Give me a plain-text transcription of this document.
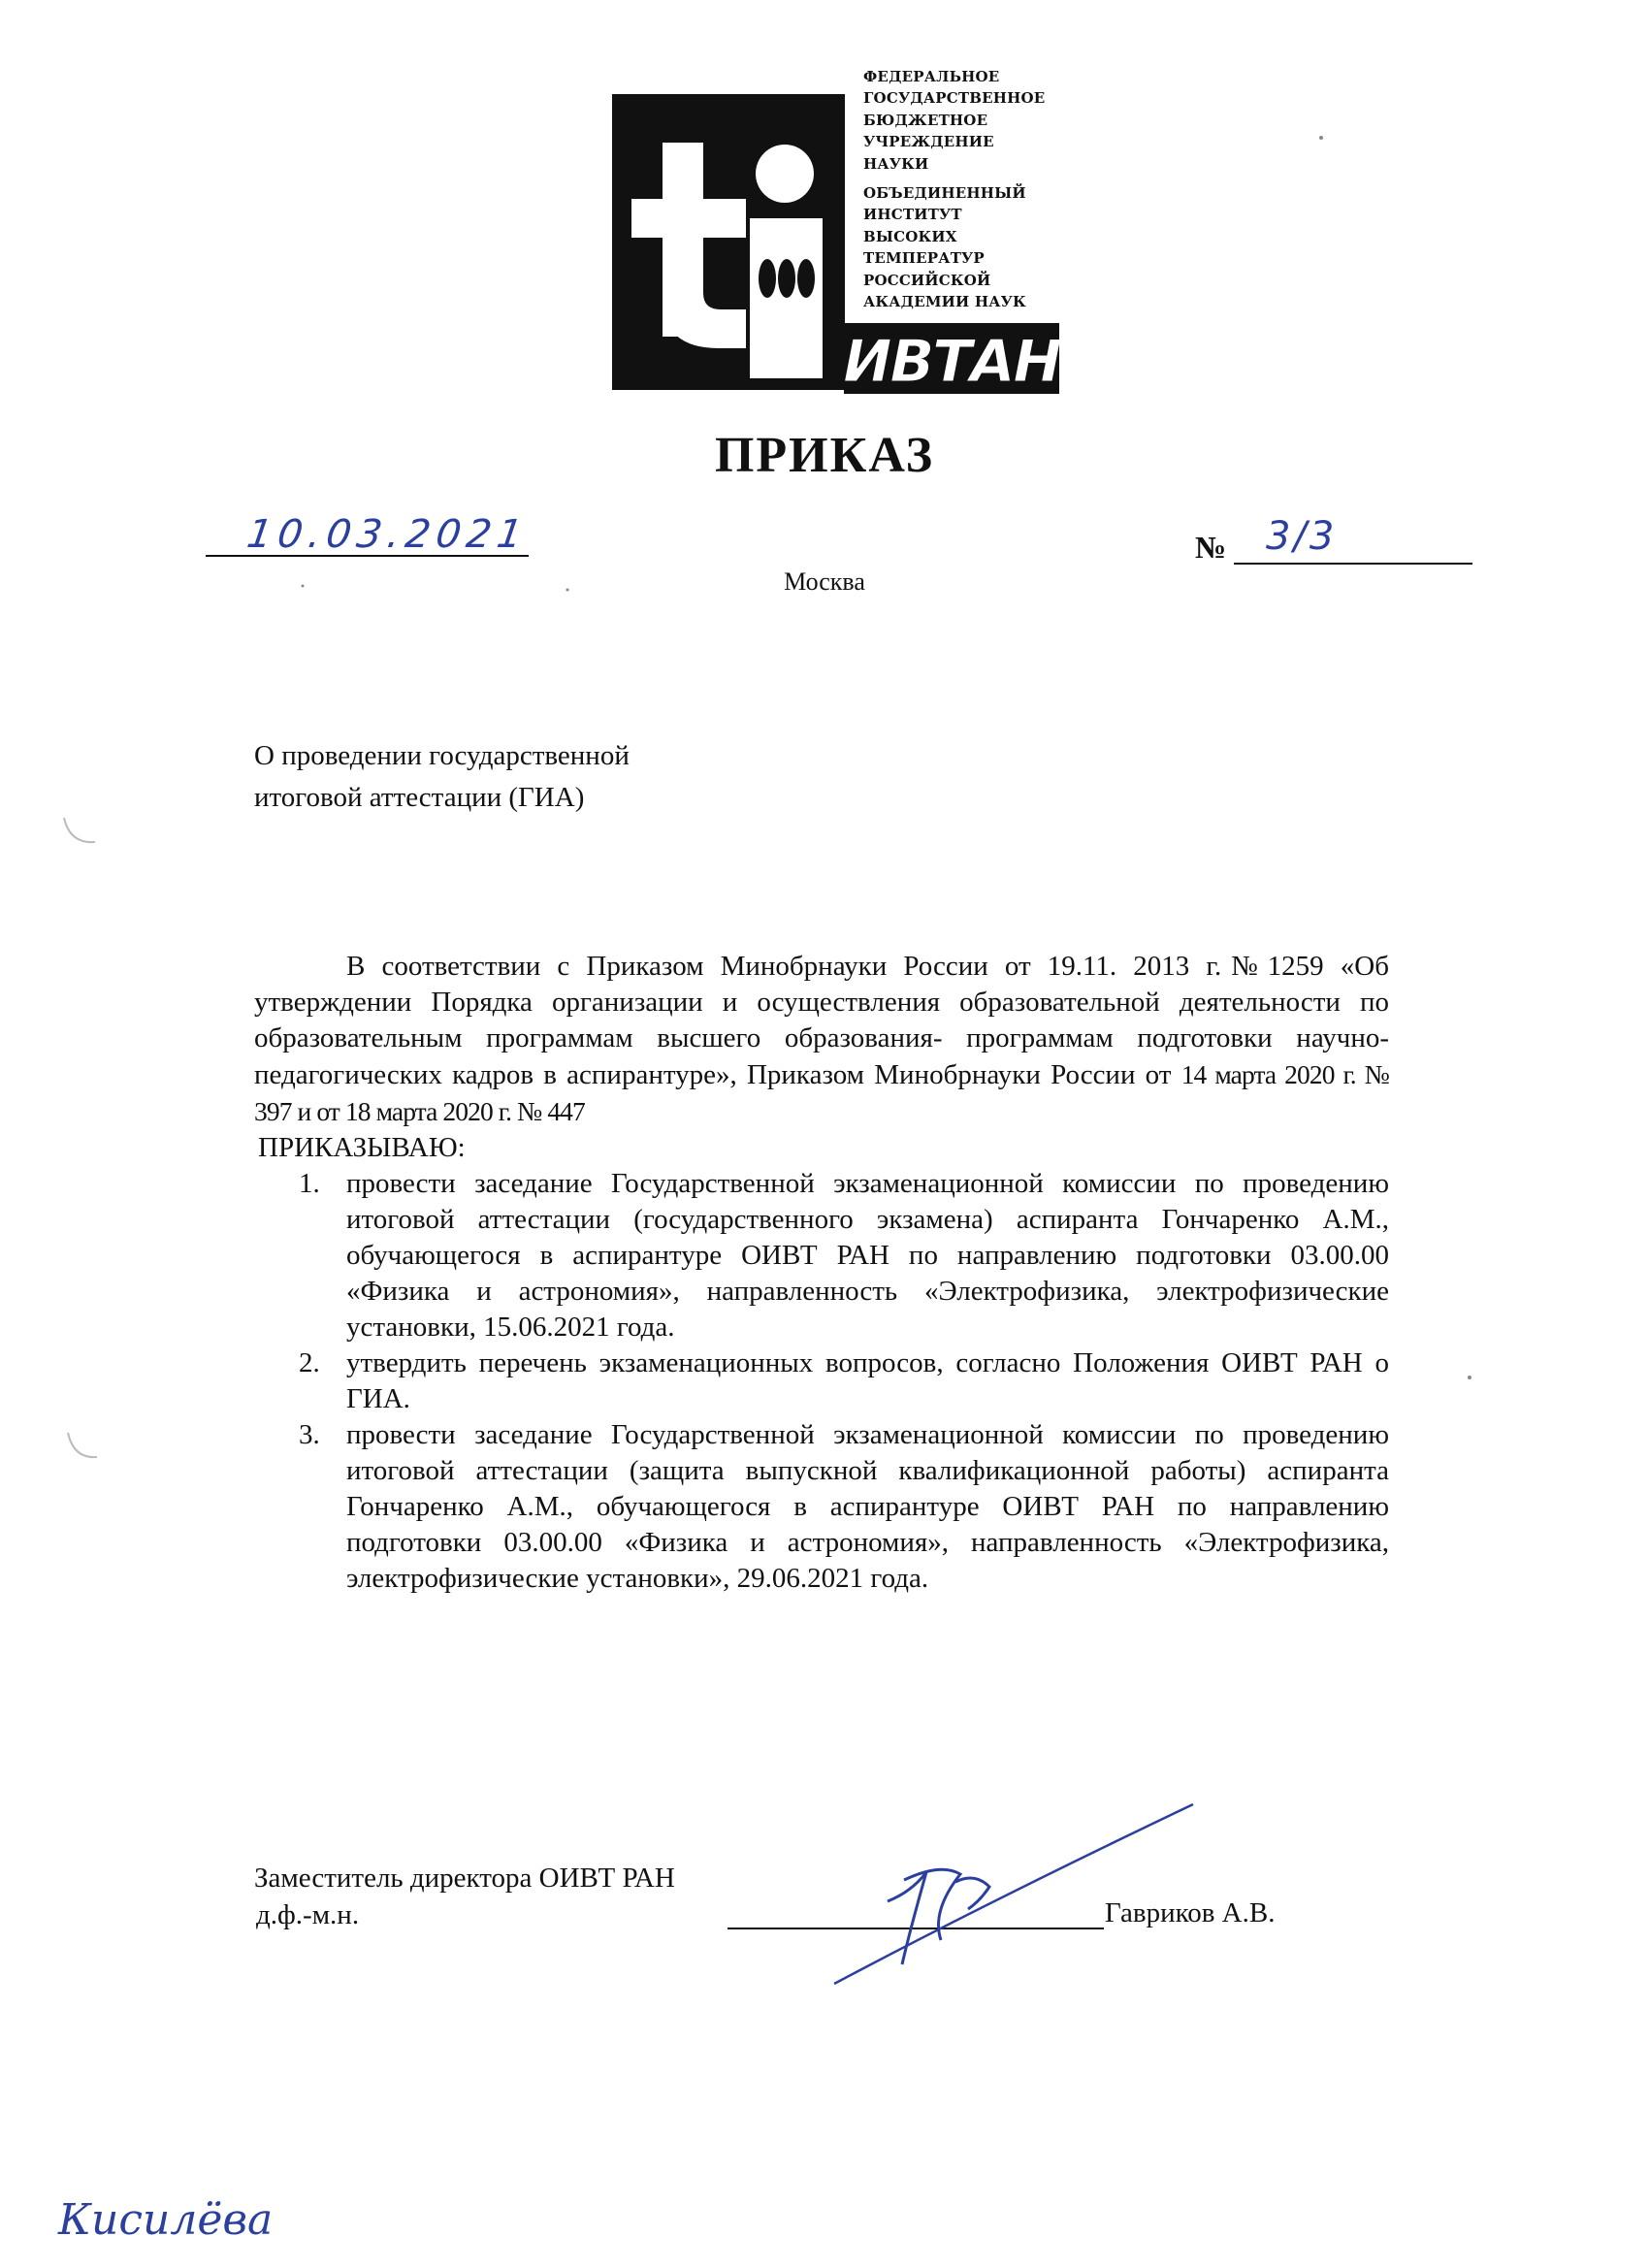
ФЕДЕРАЛЬНОЕ
ГОСУДАРСТВЕННОЕ
БЮДЖЕТНОЕ
УЧРЕЖДЕНИЕ
НАУКИ
ОБЪЕДИНЕННЫЙ
ИНСТИТУТ
ВЫСОКИХ
ТЕМПЕРАТУР
РОССИЙСКОЙ
АКАДЕМИИ НАУК
ИВТАН
ПРИКАЗ
10.03.2021	№ 3/3
Москва
О проведении государственной
итоговой аттестации (ГИА)

В соответствии с Приказом Минобрнауки России от 19.11. 2013 г.№1259 «Об утверждении Порядка организации и осуществления образовательной деятельности по образовательным программам высшего образования- программам подготовки научно-педагогических кадров в аспирантуре», Приказом Минобрнауки России от 14 марта 2020 г. № 397 и от 18 марта 2020 г. № 447

ПРИКАЗЫВАЮ:
1. провести заседание Государственной экзаменационной комиссии по проведению итоговой аттестации (государственного экзамена) аспиранта Гончаренко А.М., обучающегося в аспирантуре ОИВТ РАН по направлению подготовки 03.00.00 «Физика и астрономия», направленность «Электрофизика, электрофизические установки, 15.06.2021 года.
2. утвердить перечень экзаменационных вопросов, согласно Положения ОИВТ РАН о ГИА.
3. провести заседание Государственной экзаменационной комиссии по проведению итоговой аттестации (защита выпускной квалификационной работы) аспиранта Гончаренко А.М., обучающегося в аспирантуре ОИВТ РАН по направлению подготовки 03.00.00 «Физика и астрономия», направленность «Электрофизика, электрофизические установки», 29.06.2021 года.
Заместитель директора ОИВТ РАН
д.ф.-м.н.	Гавриков А.В.
Кисилёва
